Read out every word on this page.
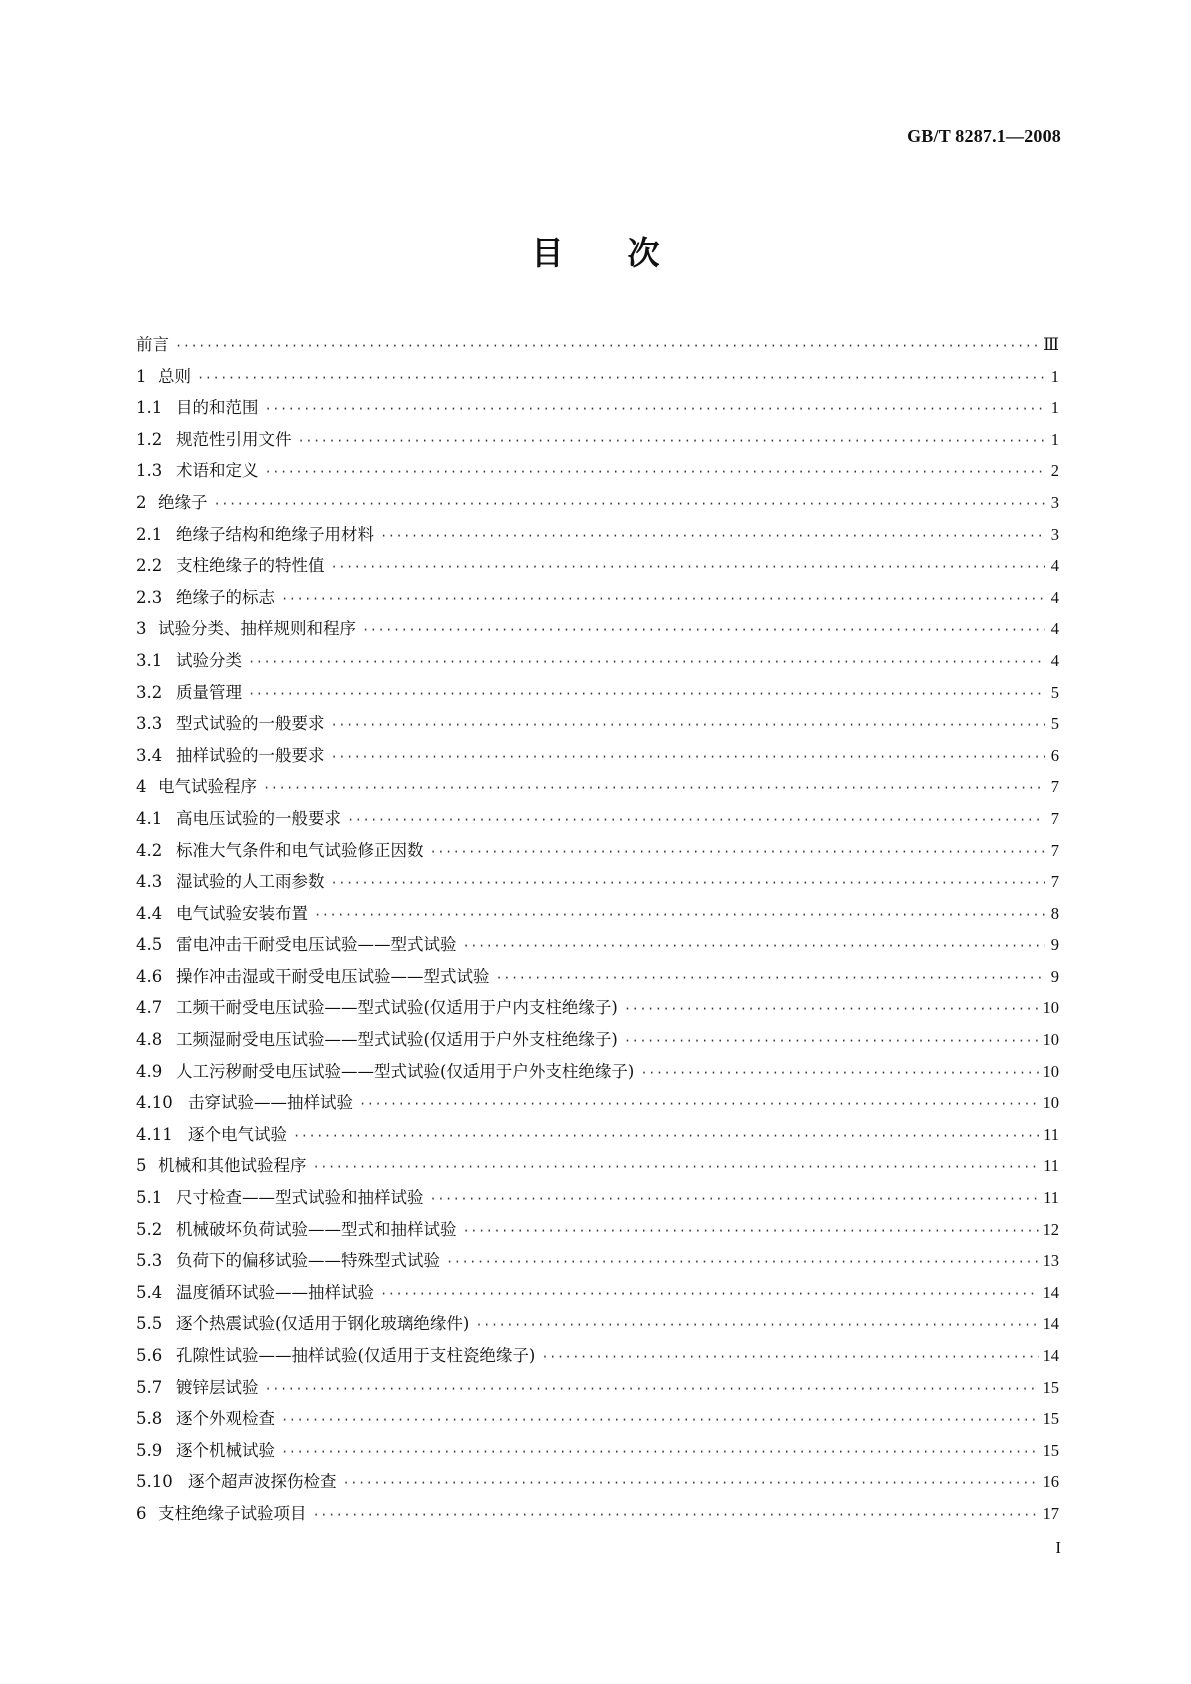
GB/T 8287.1—2008
目次
前言 ·····	Ⅲ
1 总则 ·····	1
1.1 目的和范围 ·····	1
1.2 规范性引用文件 ·····	1
1.3 术语和定义 ·····	2
2 绝缘子 ·····	3
2.1 绝缘子结构和绝缘子用材料 ·····	3
2.2 支柱绝缘子的特性值 ·····	4
2.3 绝缘子的标志 ·····	4
3 试验分类、抽样规则和程序 ·····	4
3.1 试验分类 ·····	4
3.2 质量管理 ·····	5
3.3 型式试验的一般要求 ·····	5
3.4 抽样试验的一般要求 ·····	6
4 电气试验程序 ·····	7
4.1 高电压试验的一般要求 ·····	7
4.2 标准大气条件和电气试验修正因数 ·····	7
4.3 湿试验的人工雨参数 ·····	7
4.4 电气试验安装布置 ·····	8
4.5 雷电冲击干耐受电压试验——型式试验 ·····	9
4.6 操作冲击湿或干耐受电压试验——型式试验 ·····	9
4.7 工频干耐受电压试验——型式试验(仅适用于户内支柱绝缘子) ·····	10
4.8 工频湿耐受电压试验——型式试验(仅适用于户外支柱绝缘子) ·····	10
4.9 人工污秽耐受电压试验——型式试验(仅适用于户外支柱绝缘子) ·····	10
4.10 击穿试验——抽样试验 ·····	10
4.11 逐个电气试验 ·····	11
5 机械和其他试验程序 ·····	11
5.1 尺寸检查——型式试验和抽样试验 ·····	11
5.2 机械破坏负荷试验——型式和抽样试验 ·····	12
5.3 负荷下的偏移试验——特殊型式试验 ·····	13
5.4 温度循环试验——抽样试验 ·····	14
5.5 逐个热震试验(仅适用于钢化玻璃绝缘件) ·····	14
5.6 孔隙性试验——抽样试验(仅适用于支柱瓷绝缘子) ·····	14
5.7 镀锌层试验 ·····	15
5.8 逐个外观检查 ·····	15
5.9 逐个机械试验 ·····	15
5.10 逐个超声波探伤检查 ·····	16
6 支柱绝缘子试验项目 ·····	17
I
